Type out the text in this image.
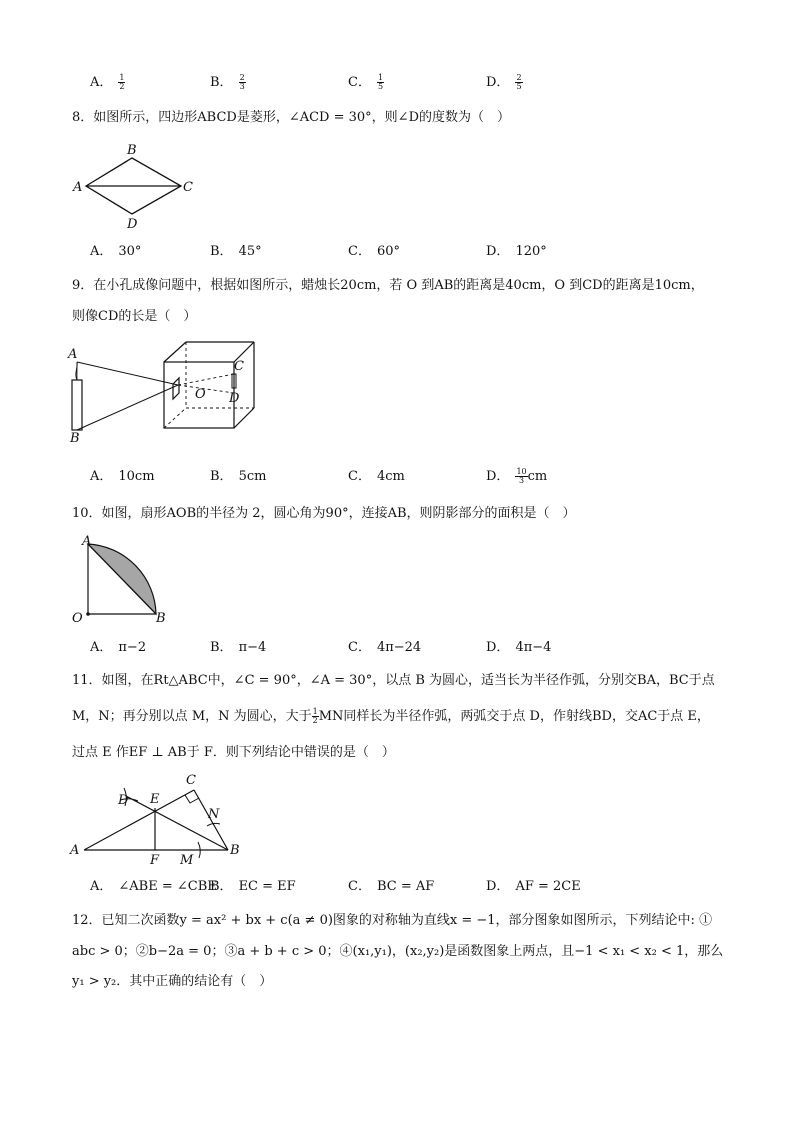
A． $\frac{1}{2}$	B． $\frac{2}{3}$	C． $\frac{1}{5}$	D． $\frac{2}{5}$
8．如图所示，四边形ABCD是菱形，∠ACD = 30°，则∠D的度数为（　）
A
B
C
D
A． 30°	B． 45°	C． 60°	D． 120°
9．在小孔成像问题中，根据如图所示，蜡烛长20cm，若 O 到AB的距离是40cm，O 到CD的距离是10cm，
则像CD的长是（　）
A
B
C
D
O
A． 10cm	B． 5cm	C． 4cm	D． $\frac{10}{3}$ cm
10．如图，扇形AOB的半径为 2，圆心角为90°，连接AB，则阴影部分的面积是（　）
A
O	B
A． π−2	B． π−4	C． 4π−24	D． 4π−4
11．如图，在Rt△ABC中，∠C = 90°，∠A = 30°，以点 B 为圆心，适当长为半径作弧，分别交BA，BC于点
M，N；再分别以点 M，N 为圆心，大于 $\frac{1}{2}$ MN同样长为半径作弧，两弧交于点 D，作射线BD，交AC于点 E，
过点 E 作EF ⊥ AB于 F．则下列结论中错误的是（　）
A	B
C
D E
F M
N
A． ∠ABE = ∠CBE
B． EC = EF	C． BC = AF	D． AF = 2CE
12．已知二次函数y = ax² + bx + c(a ≠ 0)图象的对称轴为直线x = −1，部分图象如图所示，下列结论中: ①
abc > 0；②b−2a = 0；③a + b + c > 0；④(x₁,y₁)，(x₂,y₂)是函数图象上两点，且−1 < x₁ < x₂ < 1，那么
y₁ > y₂．其中正确的结论有（　）
